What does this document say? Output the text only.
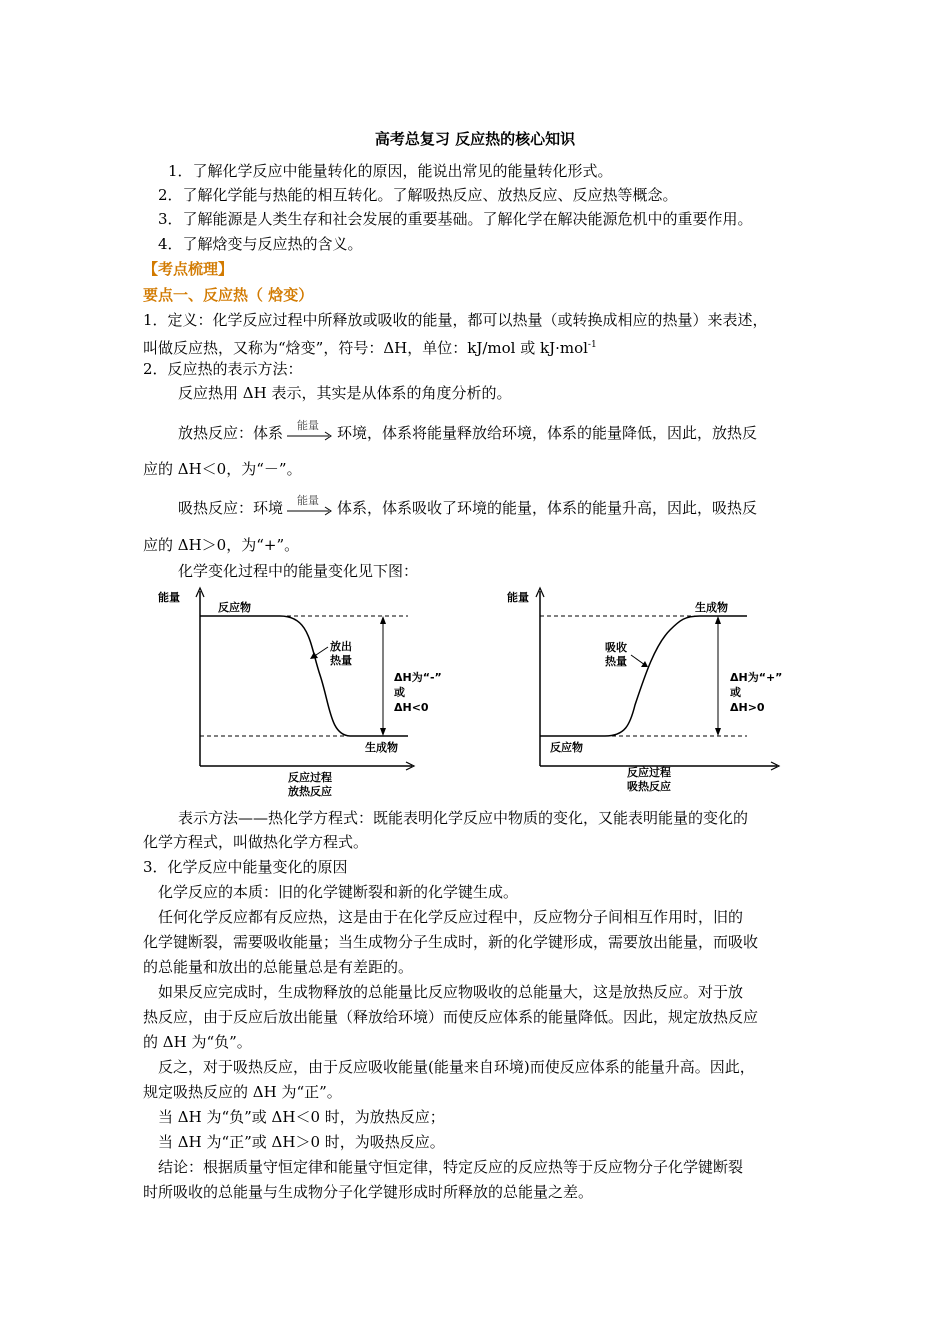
高考总复习 反应热的核心知识
1．了解化学反应中能量转化的原因，能说出常见的能量转化形式。
2．了解化学能与热能的相互转化。了解吸热反应、放热反应、反应热等概念。
3．了解能源是人类生存和社会发展的重要基础。了解化学在解决能源危机中的重要作用。
4．了解焓变与反应热的含义。
【考点梳理】
要点一、反应热（ 焓变）
1．定义：化学反应过程中所释放或吸收的能量，都可以热量（或转换成相应的热量）来表述，
叫做反应热，又称为“焓变”，符号：ΔH，单位：kJ/mol 或 kJ·mol$^{-1}$
2．反应热的表示方法：
反应热用 ΔH 表示，其实是从体系的角度分析的。
放热反应：体系 能量 环境，体系将能量释放给环境，体系的能量降低，因此，放热反
应的 ΔH＜0，为“－”。
吸热反应：环境 能量 体系，体系吸收了环境的能量，体系的能量升高，因此，吸热反
应的 ΔH＞0，为“+”。
化学变化过程中的能量变化见下图：
能量
反应物
生成物
放出
热量
ΔH为“-”
或
ΔH<0
反应过程
放热反应
能量
反应物
生成物
吸收
热量
ΔH为“+”
或
ΔH>0
反应过程
吸热反应
表示方法——热化学方程式：既能表明化学反应中物质的变化，又能表明能量的变化的
化学方程式，叫做热化学方程式。
3．化学反应中能量变化的原因
化学反应的本质：旧的化学键断裂和新的化学键生成。
任何化学反应都有反应热，这是由于在化学反应过程中，反应物分子间相互作用时，旧的
化学键断裂，需要吸收能量；当生成物分子生成时，新的化学键形成，需要放出能量，而吸收
的总能量和放出的总能量总是有差距的。
如果反应完成时，生成物释放的总能量比反应物吸收的总能量大，这是放热反应。对于放
热反应，由于反应后放出能量（释放给环境）而使反应体系的能量降低。因此，规定放热反应
的 ΔH 为“负”。
反之，对于吸热反应，由于反应吸收能量(能量来自环境)而使反应体系的能量升高。因此，
规定吸热反应的 ΔH 为“正”。
当 ΔH 为“负”或 ΔH＜0 时，为放热反应；
当 ΔH 为“正”或 ΔH＞0 时，为吸热反应。
结论：根据质量守恒定律和能量守恒定律，特定反应的反应热等于反应物分子化学键断裂
时所吸收的总能量与生成物分子化学键形成时所释放的总能量之差。
